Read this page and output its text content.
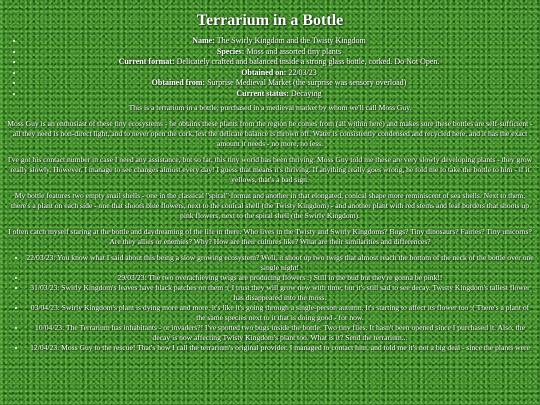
Terrarium in a Bottle
• Name: The Swirly Kingdom and the Twisty Kingdom
• Species: Moss and assorted tiny plants
• Current format: Delicately crafted and balanced inside a strong glass bottle, corked. Do Not Open.
• Obtained on: 22/03/23
• Obtained from: Surprise Medieval Market (the surprise was sensory overload)
• Current status: Decaying

This is a terrarium in a bottle, purchased in a medieval market by whom we'll call Moss Guy.

Moss Guy is an enthusiast of these tiny ecosystems - he obtains these plants from the region he comes from (all within here) and makes sure these bottles are self-sufficient - all they need is non-direct light, and to never open the cork, lest the delicate balance is thrown off. Water is consistently condensed and recycled here, and it has the exact amount it needs - no more, no less.

I've got his contact number in case I need any assistance, but so far, this tiny world has been thriving. Moss Guy told me these are very slowly developing plants - they grow really slowly. However, I manage to see changes almost every day! I guess that means it's thriving. If anything really goes wrong, he told me to take the bottle to him - if it yellows, that's a bad sign.

My bottle features two empty snail shells - one in the classical "spiral" format and another in that elongated, conical shape more reminiscent of sea shells. Next to them, there's a plant on each side - one that shoots blue flowers, next to the conical shell (the Twisty Kingdom) - and another plant with red stems and leaf borders that shoots up pink flowers, next to the spiral shell (the Swirly Kingdom).

I often catch myself staring at the bottle and daydreaming of the life in there. Who lives in the Twisty and Swirly Kingdoms? Bugs? Tiny dinosaurs? Fairies? Tiny unicorns? Are they allies or enemies? Why? How are their cultures like? What are their similarities and differences?

• 22/03/23: You know what I said about this being a slow growing ecosystem? Well, it shoot up two twigs that almost reach the bottom of the neck of the bottle over one single night!
• 29/03/23: The two overachieving twigs are producing flowers :) Still in the bud but they're gonna be pink!!
• 31/03/23: Swirly Kingdom's leaves have black patches on them :( I trust they will grow new with time, but it's still sad to see decay. Twisty Kingdom's tallest flower has disappeared into the moss.
• 03/04/23: Swirly Kingdom's plant is dying more and more, it's like it's going through a single-person autumn. It's starting to affect its flower too :( There's a plant of the same species next to it that is doing good - for now.
• 10/04/23: The Terrarium has inhabitants - or invaders?! I've spotted two bugs inside the bottle. Two tiny flies. It hasn't been opened since I purchased it. Also, the decay is now affecting Twisty Kingdom's plant too. What is it? Send the terrarium...
• 12/04/23: Moss Guy to the rescue! That's how I call the terrarium's original provider. I managed to contact him, and told me it's not a big deal - since the plants were
